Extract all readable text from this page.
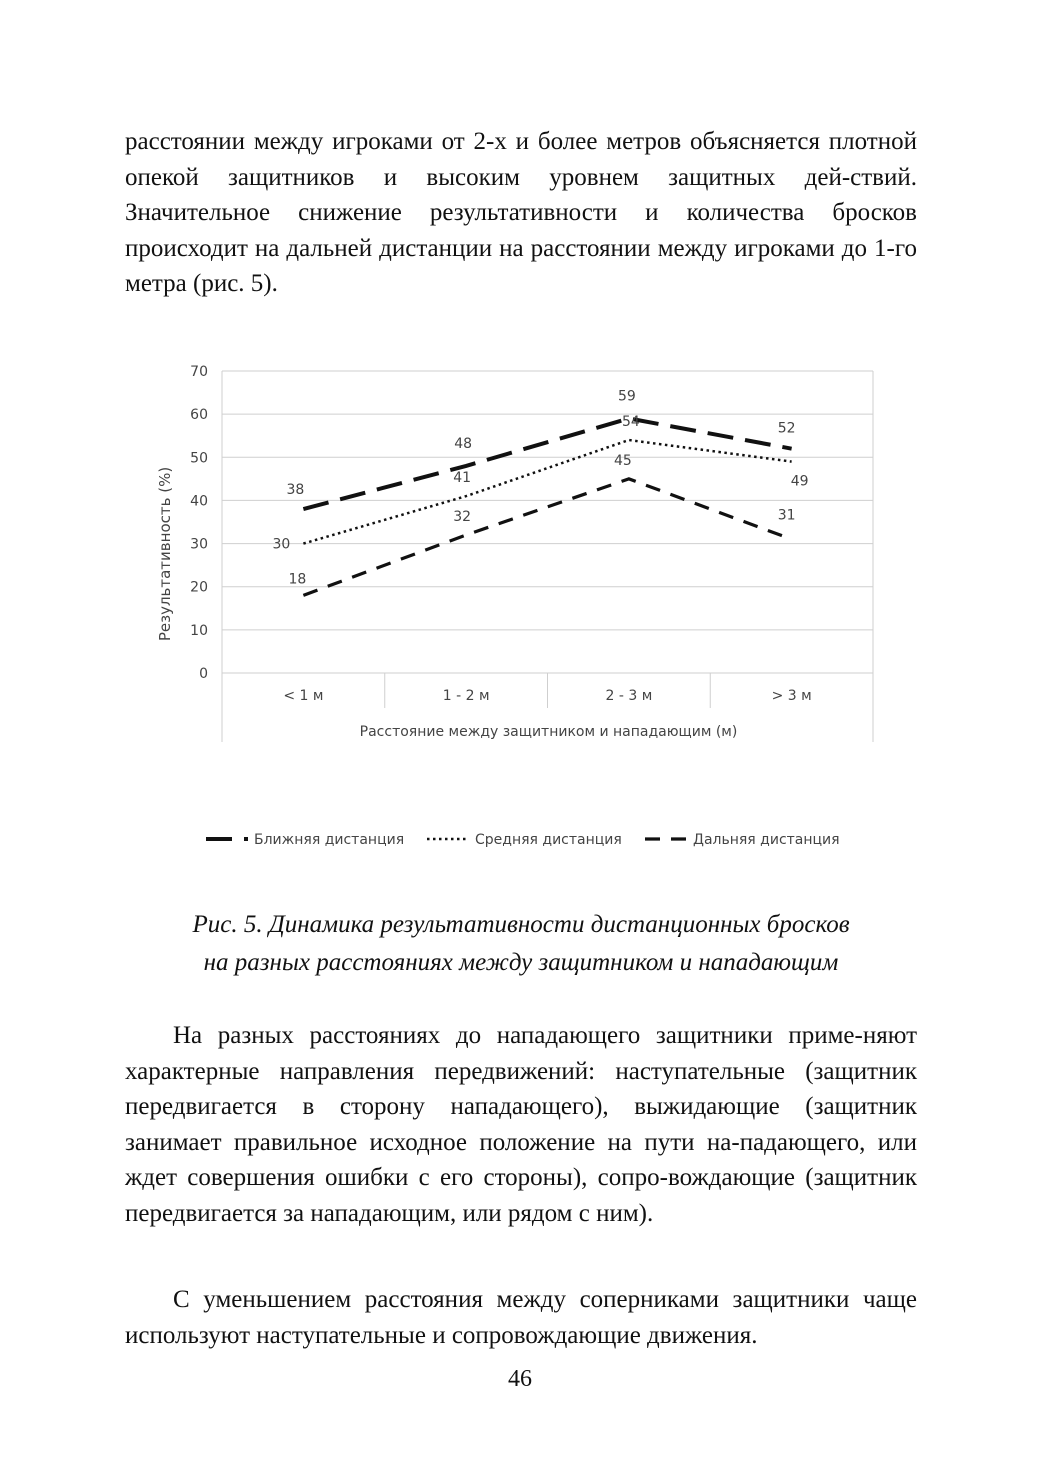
расстоянии между игроками от 2-х и более метров объясняется плотной опекой защитников и высоким уровнем защитных дей-ствий. Значительное снижение результативности и количества бросков происходит на дальней дистанции на расстоянии между игроками до 1-го метра (рис. 5).

0
10
20
30
40
50
60
70
< 1 м	1 - 2 м	2 - 3 м	> 3 м
Расстояние между защитником и нападающим (м)
Результативность (%)	38
48
59
52
30
41
54
49
18
32
45
31
Ближняя дистанция	Средняя дистанция	Дальняя дистанция

Рис. 5. Динамика результативности дистанционных бросков
на разных расстояниях между защитником и нападающим

На разных расстояниях до нападающего защитники приме-няют характерные направления передвижений: наступательные (защитник передвигается в сторону нападающего), выжидающие (защитник занимает правильное исходное положение на пути на-падающего, или ждет совершения ошибки с его стороны), сопро-вождающие (защитник передвигается за нападающим, или рядом с ним).

С уменьшением расстояния между соперниками защитники чаще используют наступательные и сопровождающие движения.

46
